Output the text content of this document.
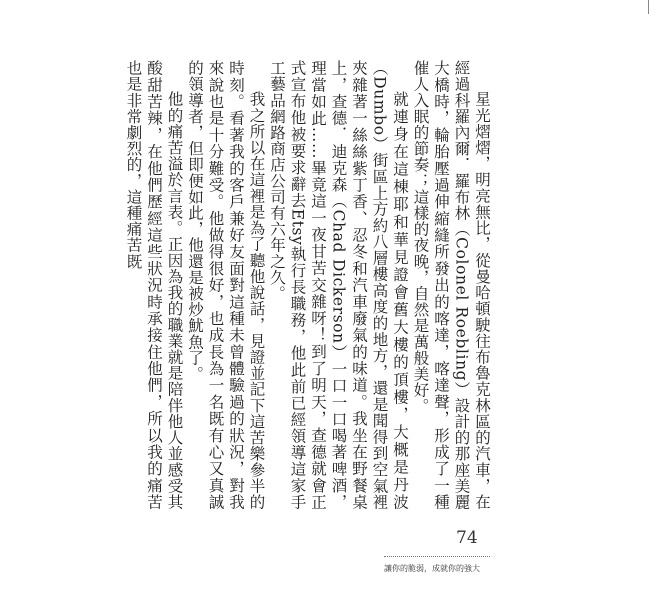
星光熠熠，明亮無比，從曼哈頓駛往布魯克林區的汽車，在經過科羅內爾．羅布林（Colonel Roebling）設計的那座美麗大橋時，輪胎壓過伸縮縫所發出的喀達，喀達聲，形成了一種催人入眠的節奏；這樣的夜晚，自然是萬般美好。

就連身在這棟耶和華見證會舊大樓的頂樓，大概是丹波（Dumbo）街區上方約八層樓高度的地方，還是聞得到空氣裡夾雜著一絲絲紫丁香、忍冬和汽車廢氣的味道。我坐在野餐桌上，查德．迪克森（Chad Dickerson）一口一口喝著啤酒，理當如此……畢竟這一夜甘苦交雜呀！到了明天，查德就會正式宣布他被要求辭去Etsy執行長職務，他此前已經領導這家手工藝品網路商店公司有六年之久。

我之所以在這裡是為了聽他說話，見證並記下這苦樂參半的時刻。看著我的客戶兼好友面對這種未曾體驗過的狀況，對我來說也是十分難受。他做得很好，也成長為一名既有心又真誠的領導者，但即便如此，他還是被炒魷魚了。

他的痛苦溢於言表。正因為我的職業就是陪伴他人並感受其酸甜苦辣，在他們歷經這些狀況時承接住他們，所以我的痛苦也是非常劇烈的，這種痛苦既

74
讓你的脆弱，成就你的強大
